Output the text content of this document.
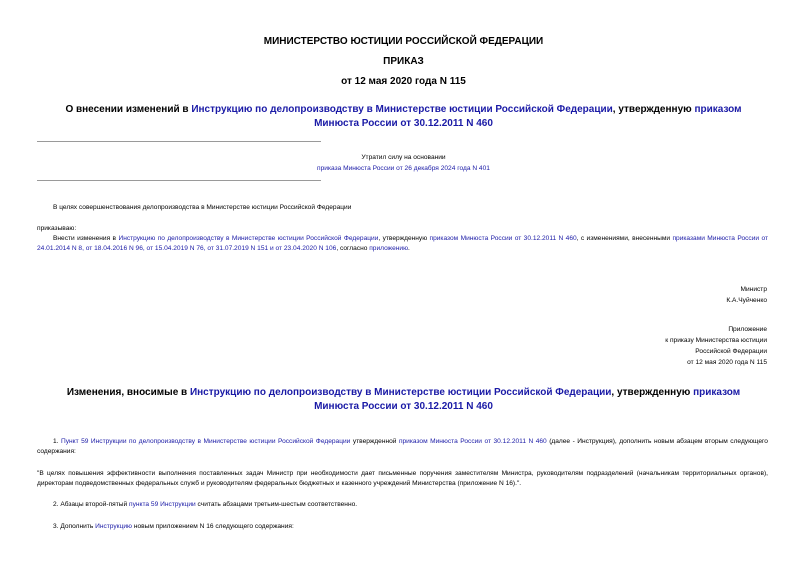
МИНИСТЕРСТВО ЮСТИЦИИ РОССИЙСКОЙ ФЕДЕРАЦИИ
ПРИКАЗ
от 12 мая 2020 года N 115
О внесении изменений в Инструкцию по делопроизводству в Министерстве юстиции Российской Федерации, утвержденную приказом Минюста России от 30.12.2011 N 460
Утратил силу на основании
приказа Минюста России от 26 декабря 2024 года N 401
В целях совершенствования делопроизводства в Министерстве юстиции Российской Федерации
приказываю:
Внести изменения в Инструкцию по делопроизводству в Министерстве юстиции Российской Федерации, утвержденную приказом Минюста России от 30.12.2011 N 460, с изменениями, внесенными приказами Минюста России от 24.01.2014 N 8, от 18.04.2016 N 96, от 15.04.2019 N 76, от 31.07.2019 N 151 и от 23.04.2020 N 106, согласно приложению.
Министр
К.А.Чуйченко
Приложение
к приказу Министерства юстиции
Российской Федерации
от 12 мая 2020 года N 115
Изменения, вносимые в Инструкцию по делопроизводству в Министерстве юстиции Российской Федерации, утвержденную приказом Минюста России от 30.12.2011 N 460
1. Пункт 59 Инструкции по делопроизводству в Министерстве юстиции Российской Федерации утвержденной приказом Минюста России от 30.12.2011 N 460 (далее - Инструкция), дополнить новым абзацем вторым следующего содержания:
"В целях повышения эффективности выполнения поставленных задач Министр при необходимости дает письменные поручения заместителям Министра, руководителям подразделений (начальникам территориальных органов), директорам подведомственных федеральных служб и руководителям федеральных бюджетных и казенного учреждений Министерства (приложение N 16).".
2. Абзацы второй-пятый пункта 59 Инструкции считать абзацами третьим-шестым соответственно.
3. Дополнить Инструкцию новым приложением N 16 следующего содержания:
